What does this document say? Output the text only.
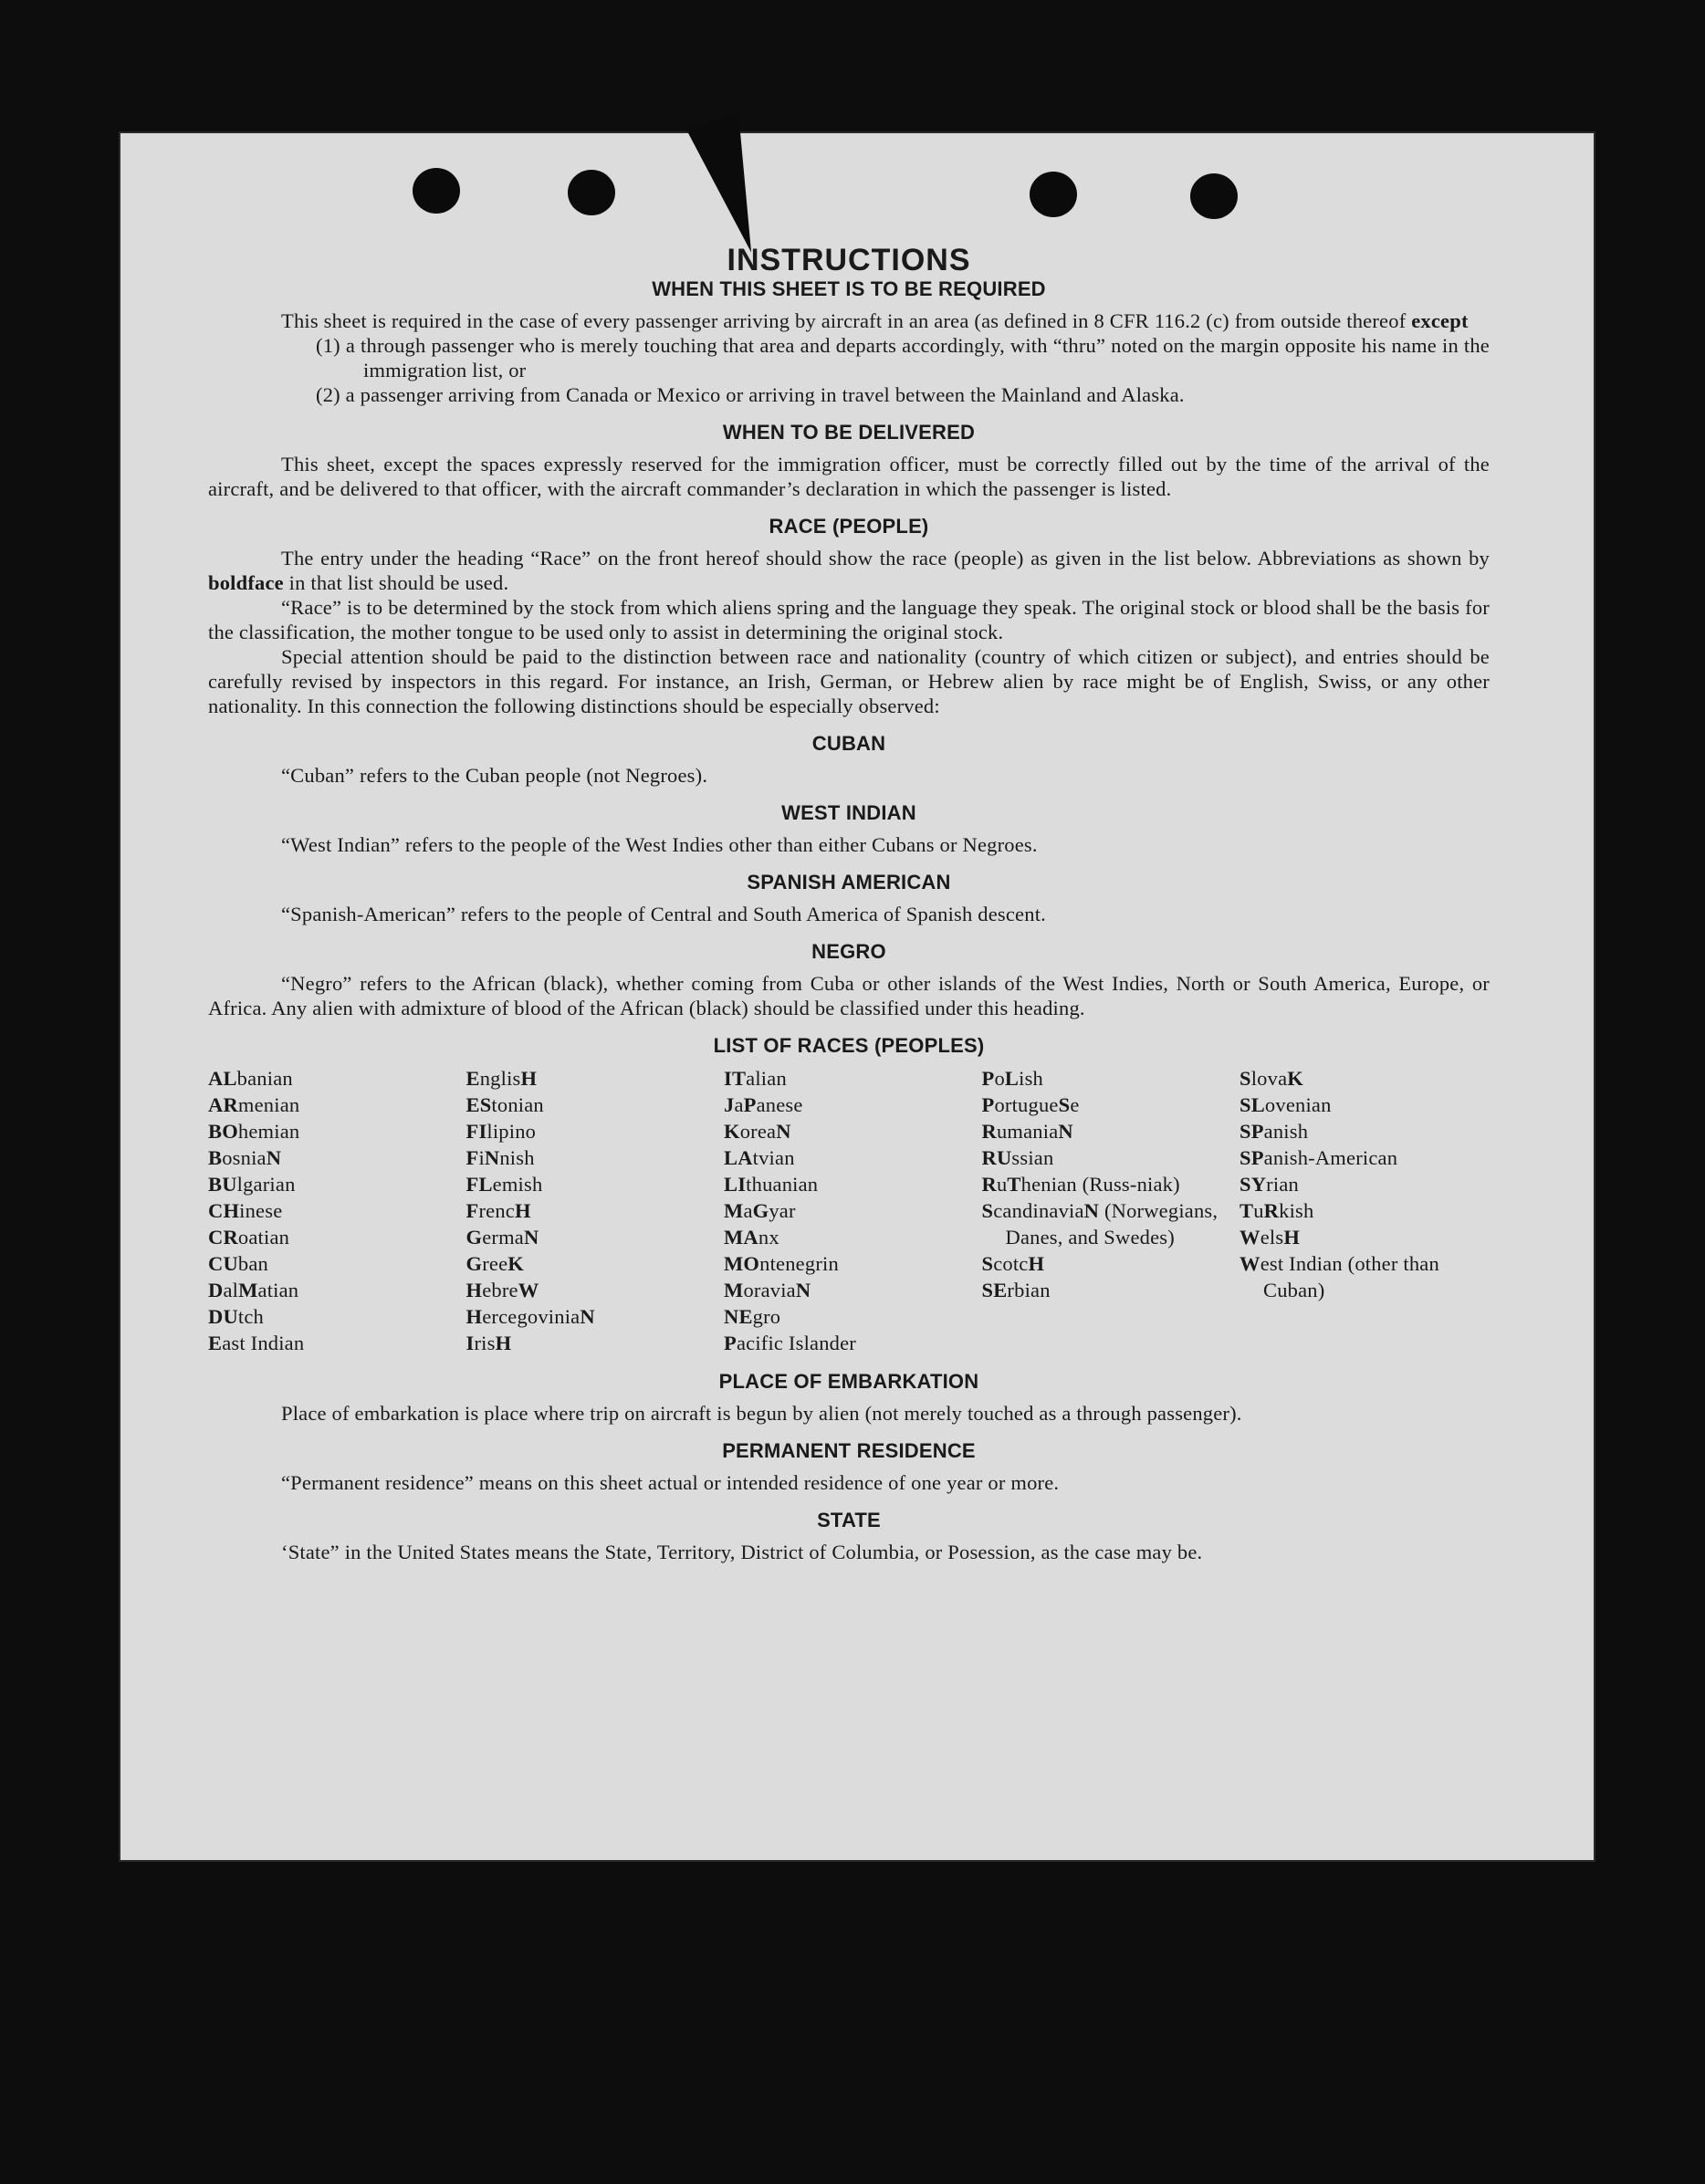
INSTRUCTIONS
WHEN THIS SHEET IS TO BE REQUIRED

This sheet is required in the case of every passenger arriving by aircraft in an area (as defined in 8 CFR 116.2 (c) from outside thereof except

(1) a through passenger who is merely touching that area and departs accordingly, with “thru” noted on the margin opposite his name in the immigration list, or

(2) a passenger arriving from Canada or Mexico or arriving in travel between the Mainland and Alaska.

WHEN TO BE DELIVERED

This sheet, except the spaces expressly reserved for the immigration officer, must be correctly filled out by the time of the arrival of the aircraft, and be delivered to that officer, with the aircraft commander’s declaration in which the passenger is listed.

RACE (PEOPLE)

The entry under the heading “Race” on the front hereof should show the race (people) as given in the list below. Abbreviations as shown by boldface in that list should be used.

“Race” is to be determined by the stock from which aliens spring and the language they speak. The original stock or blood shall be the basis for the classification, the mother tongue to be used only to assist in determining the original stock.

Special attention should be paid to the distinction between race and nationality (country of which citizen or subject), and entries should be carefully revised by inspectors in this regard. For instance, an Irish, German, or Hebrew alien by race might be of English, Swiss, or any other nationality. In this connection the following distinctions should be especially observed:

CUBAN

“Cuban” refers to the Cuban people (not Negroes).

WEST INDIAN

“West Indian” refers to the people of the West Indies other than either Cubans or Negroes.

SPANISH AMERICAN

“Spanish-American” refers to the people of Central and South America of Spanish descent.

NEGRO

“Negro” refers to the African (black), whether coming from Cuba or other islands of the West Indies, North or South America, Europe, or Africa. Any alien with admixture of blood of the African (black) should be classified under this heading.

LIST OF RACES (PEOPLES)
ALbanian
ARmenian
BOhemian
BosniaN
BUlgarian
CHinese
CRoatian
CUban
DalMatian
DUtch
East Indian
EnglisH
EStonian
FIlipino
FiNnish
FLemish
FrencH
GermaN
GreeK
HebreW
HercegoviniaN
IrisH
ITalian
JaPanese
KoreaN
LAtvian
LIthuanian
MaGyar
MAnx
MOntenegrin
MoraviaN
NEgro
Pacific Islander
PoLish
PortugueSe
RumaniaN
RUssian
RuThenian (Russ-niak)
ScandinaviaN (Norwegians, Danes, and Swedes)
ScotcH
SErbian
SlovaK
SLovenian
SPanish
SPanish-American
SYrian
TuRkish
WelsH
West Indian (other than Cuban)
PLACE OF EMBARKATION

Place of embarkation is place where trip on aircraft is begun by alien (not merely touched as a through passenger).

PERMANENT RESIDENCE

“Permanent residence” means on this sheet actual or intended residence of one year or more.

STATE

‘State” in the United States means the State, Territory, District of Columbia, or Posession, as the case may be.
